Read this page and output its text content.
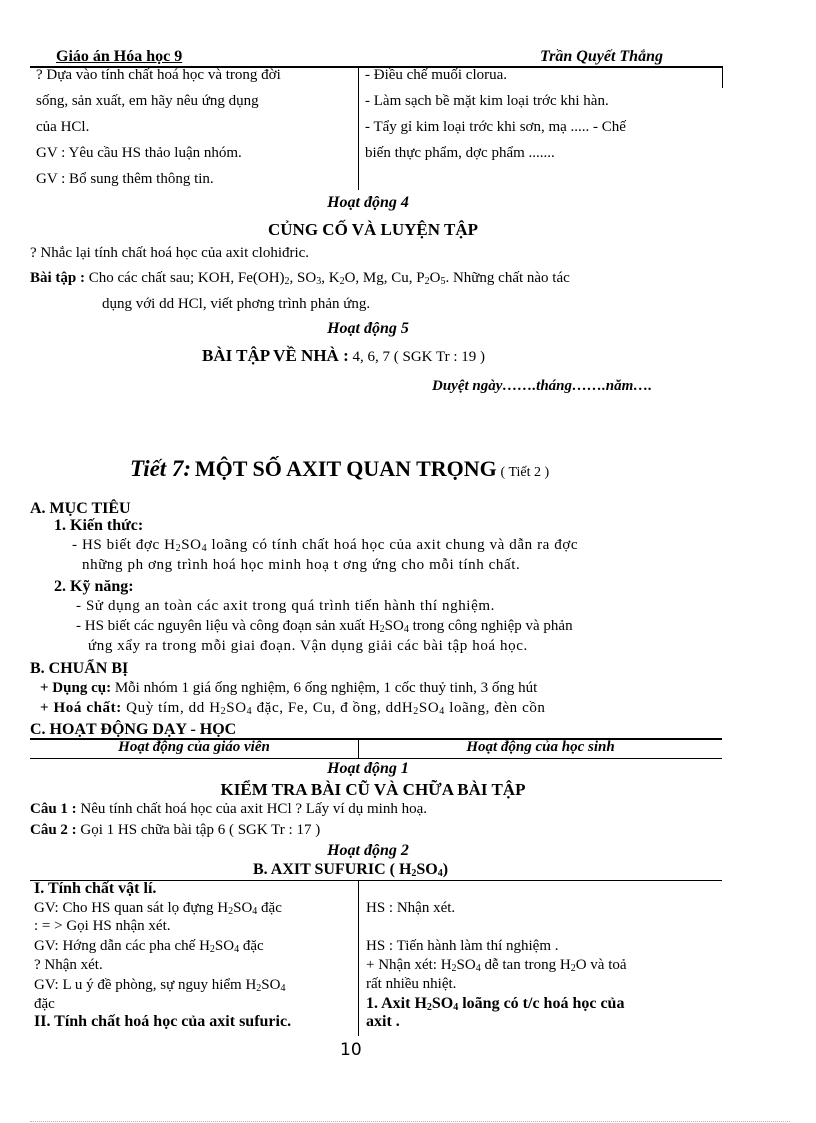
Giáo án Hóa học 9	Trần Quyết Thắng
? Dựa vào tính chất hoá học và trong đời
sống, sản xuất, em hãy nêu ứng dụng
của HCl.
GV : Yêu cầu HS thảo luận nhóm.
GV : Bổ sung thêm thông tin.
- Điều chế muối clorua.
- Làm sạch bề mặt kim loại trớc khi hàn.
- Tẩy gỉ kim loại trớc khi sơn, mạ ..... - Chế
biến thực phẩm, dợc phẩm .......
Hoạt động 4
CỦNG CỐ VÀ LUYỆN TẬP
? Nhắc lại tính chất hoá học của axit clohiđric.
Bài tập : Cho các chất sau; KOH, $Fe(OH)_2$, $SO_3$, $K_2O$, Mg, Cu, $P_2O_5$. Những chất nào tác
dụng với dd HCl, viết phơng trình phản ứng.
Hoạt động 5
BÀI TẬP VỀ NHÀ : 4, 6, 7 ( SGK Tr : 19 )
Duyệt ngày…….tháng…….năm….
Tiết 7: MỘT SỐ AXIT QUAN TRỌNG ( Tiết 2 )
A. MỤC TIÊU
1. Kiến thức:
- HS biết đợc $H_2SO_4$ loãng có tính chất hoá học của axit chung và dẫn ra đợc
những ph ơng trình hoá học minh hoạ t ơng ứng cho mỗi tính chất.
2. Kỹ năng:
- Sử dụng an toàn các axit trong quá trình tiến hành thí nghiệm.
- HS biết các nguyên liệu và công đoạn sản xuất $H_2SO_4$ trong công nghiệp và phản
ứng xẩy ra trong mỗi giai đoạn. Vận dụng giải các bài tập hoá học.
B. CHUẨN BỊ
+ Dụng cụ: Mỗi nhóm 1 giá ống nghiệm, 6 ống nghiệm, 1 cốc thuỷ tinh, 3 ống hút
+ Hoá chất: Quỳ tím, dd $H_2SO_4$ đặc, Fe, Cu, đ ồng, $ddH_2SO_4$ loãng, đèn cồn
C. HOẠT ĐỘNG DẠY - HỌC
Hoạt động của giáo viên	Hoạt động của học sinh
Hoạt động 1
KIỂM TRA BÀI CŨ VÀ CHỮA BÀI TẬP
Câu 1 : Nêu tính chất hoá học của axit HCl ? Lấy ví dụ minh hoạ.
Câu 2 : Gọi 1 HS chữa bài tập 6 ( SGK Tr : 17 )
Hoạt động 2
B. AXIT SUFURIC ( $H_2SO_4$)
I. Tính chất vật lí.
GV: Cho HS quan sát lọ đựng $H_2SO_4$ đặc
: = > Gọi HS nhận xét.
GV: Hớng dẫn các pha chế $H_2SO_4$ đặc
? Nhận xét.
GV: L u ý đề phòng, sự nguy hiểm $H_2SO_4$
đặc
II. Tính chất hoá học của axit sufuric.
HS : Nhận xét.
HS : Tiến hành làm thí nghiệm .
+ Nhận xét: $H_2SO_4$ dễ tan trong $H_2O$ và toả
rất nhiều nhiệt.
1. Axit $H_2SO_4$ loãng có t/c hoá học của
axit .
10
